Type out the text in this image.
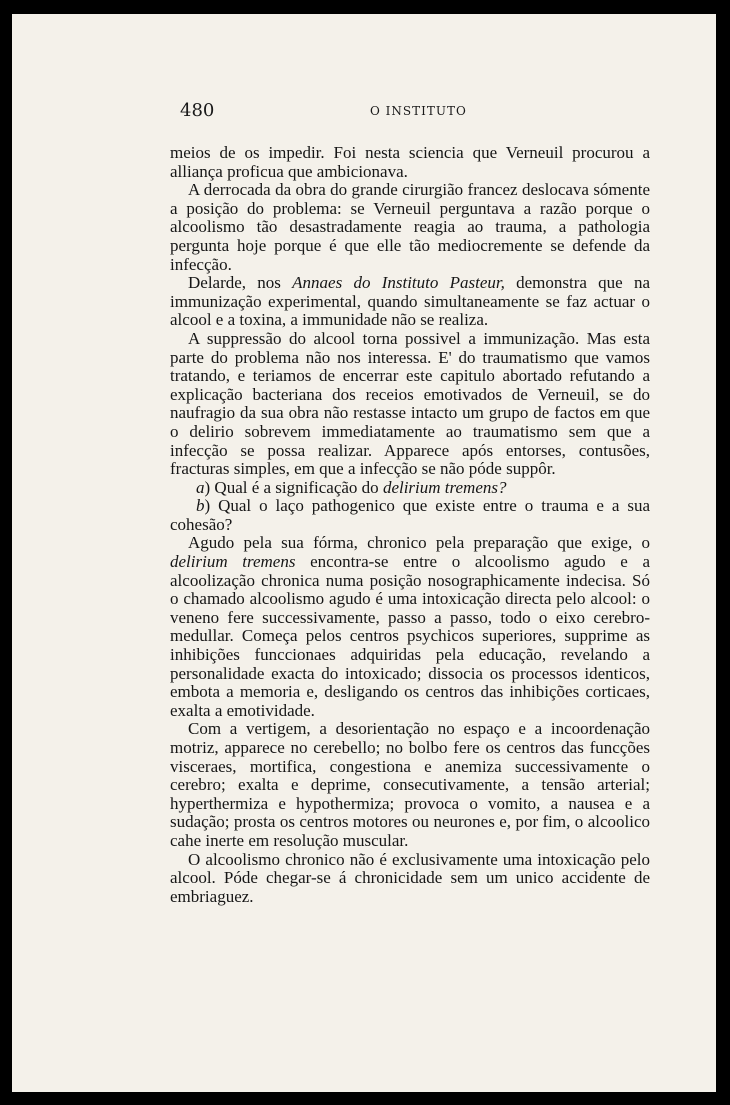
480	O INSTITUTO

meios de os impedir. Foi nesta sciencia que Verneuil procurou a alliança proficua que ambicionava.

A derrocada da obra do grande cirurgião francez deslocava sómente a posição do problema: se Verneuil perguntava a razão porque o alcoolismo tão desastradamente reagia ao trauma, a pathologia pergunta hoje porque é que elle tão mediocremente se defende da infecção.

Delarde, nos Annaes do Instituto Pasteur, demonstra que na immunização experimental, quando simultaneamente se faz actuar o alcool e a toxina, a immunidade não se realiza.

A suppressão do alcool torna possivel a immunização. Mas esta parte do problema não nos interessa. E' do traumatismo que vamos tratando, e teriamos de encerrar este capitulo abortado refutando a explicação bacteriana dos receios emotivados de Verneuil, se do naufragio da sua obra não restasse intacto um grupo de factos em que o delirio sobrevem immediatamente ao traumatismo sem que a infecção se possa realizar. Apparece após entorses, contusões, fracturas simples, em que a infecção se não póde suppôr.

a) Qual é a significação do delirium tremens?

b) Qual o laço pathogenico que existe entre o trauma e a sua cohesão?

Agudo pela sua fórma, chronico pela preparação que exige, o delirium tremens encontra-se entre o alcoolismo agudo e a alcoolização chronica numa posição nosographicamente indecisa. Só o chamado alcoolismo agudo é uma intoxicação directa pelo alcool: o veneno fere successivamente, passo a passo, todo o eixo cerebro-medullar. Começa pelos centros psychicos superiores, supprime as inhibições funccionaes adquiridas pela educação, revelando a personalidade exacta do intoxicado; dissocia os processos identicos, embota a memoria e, desligando os centros das inhibições corticaes, exalta a emotividade.

Com a vertigem, a desorientação no espaço e a incoordenação motriz, apparece no cerebello; no bolbo fere os centros das funcções visceraes, mortifica, congestiona e anemiza successivamente o cerebro; exalta e deprime, consecutivamente, a tensão arterial; hyperthermiza e hypothermiza; provoca o vomito, a nausea e a sudação; prosta os centros motores ou neurones e, por fim, o alcoolico cahe inerte em resolução muscular.

O alcoolismo chronico não é exclusivamente uma intoxicação pelo alcool. Póde chegar-se á chronicidade sem um unico accidente de embriaguez.
